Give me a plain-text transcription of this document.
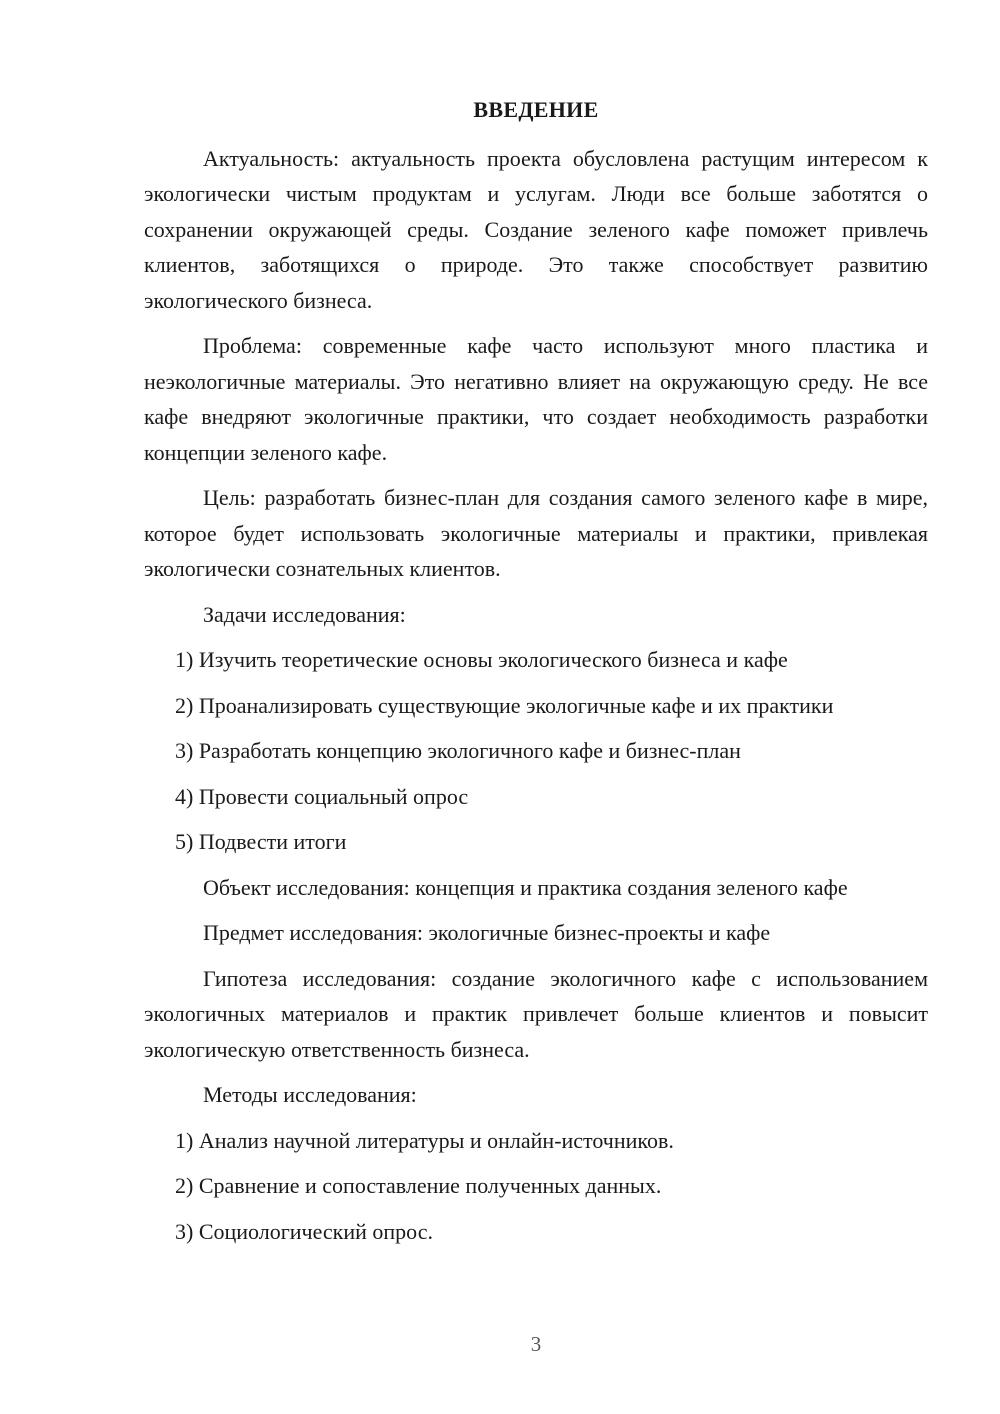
ВВЕДЕНИЕ

Актуальность: актуальность проекта обусловлена растущим интересом к экологически чистым продуктам и услугам. Люди все больше заботятся о сохранении окружающей среды. Создание зеленого кафе поможет привлечь клиентов, заботящихся о природе. Это также способствует развитию экологического бизнеса.

Проблема: современные кафе часто используют много пластика и неэкологичные материалы. Это негативно влияет на окружающую среду. Не все кафе внедряют экологичные практики, что создает необходимость разработки концепции зеленого кафе.

Цель: разработать бизнес-план для создания самого зеленого кафе в мире, которое будет использовать экологичные материалы и практики, привлекая экологически сознательных клиентов.

Задачи исследования:

1) Изучить теоретические основы экологического бизнеса и кафе

2) Проанализировать существующие экологичные кафе и их практики

3) Разработать концепцию экологичного кафе и бизнес-план

4) Провести социальный опрос

5) Подвести итоги

Объект исследования: концепция и практика создания зеленого кафе

Предмет исследования: экологичные бизнес-проекты и кафе

Гипотеза исследования: создание экологичного кафе с использованием экологичных материалов и практик привлечет больше клиентов и повысит экологическую ответственность бизнеса.

Методы исследования:

1) Анализ научной литературы и онлайн-источников.

2) Сравнение и сопоставление полученных данных.

3) Социологический опрос.

3
